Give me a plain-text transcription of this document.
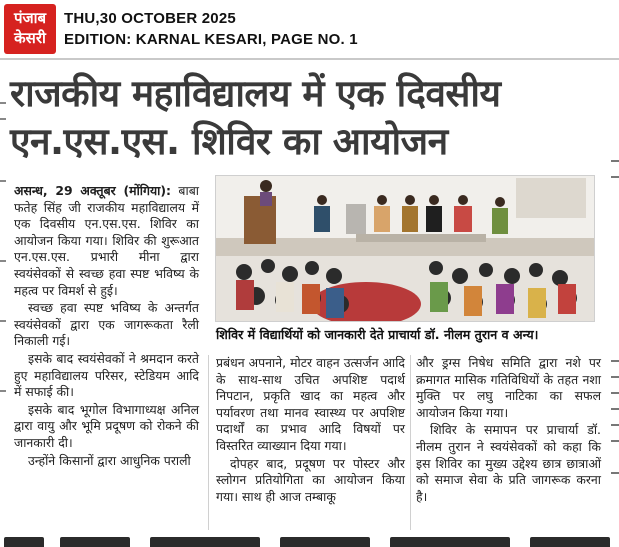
पंजाब
केसरी
THU,30 OCTOBER 2025
EDITION: KARNAL KESARI, PAGE NO. 1
राजकीय महाविद्यालय में एक दिवसीय
एन.एस.एस. शिविर का आयोजन

असन्ध, 29 अक्तूबर (मोंगिया): बाबा फतेह सिंह जी राजकीय महाविद्यालय में एक दिवसीय एन.एस.एस. शिविर का आयोजन किया गया। शिविर की शुरूआत एन.एस.एस. प्रभारी मीना द्वारा स्वयंसेवकों से स्वच्छ हवा स्पष्ट भविष्य के महत्व पर विमर्श से हुई।

स्वच्छ हवा स्पष्ट भविष्य के अन्तर्गत स्वयंसेवकों द्वारा एक जागरूकता रैली निकाली गई।

इसके बाद स्वयंसेवकों ने श्रमदान करते हुए महाविद्यालय परिसर, स्टेडियम आदि में सफाई की।

इसके बाद भूगोल विभागाध्यक्ष अनिल द्वारा वायु और भूमि प्रदूषण को रोकने की जानकारी दी।

उन्होंने किसानों द्वारा आधुनिक पराली

शिविर में विद्यार्थियों को जानकारी देते प्राचार्या डॉ. नीलम तुरान व अन्य।

प्रबंधन अपनाने, मोटर वाहन उत्सर्जन आदि के साथ-साथ उचित अपशिष्ट पदार्थ निपटान, प्रकृति खाद का महत्व और पर्यावरण तथा मानव स्वास्थ्य पर अपशिष्ट पदार्थों का प्रभाव आदि विषयों पर विस्तरित व्याख्यान दिया गया।

दोपहर बाद, प्रदूषण पर पोस्टर और स्लोगन प्रतियोगिता का आयोजन किया गया। साथ ही आज तम्बाकू

और ड्रग्स निषेध समिति द्वारा नशे पर क्रमागत मासिक गतिविधियों के तहत नशा मुक्ति पर लघु नाटिका का सफल आयोजन किया गया।

शिविर के समापन पर प्राचार्या डॉ. नीलम तुरान ने स्वयंसेवकों को कहा कि इस शिविर का मुख्य उद्देश्य छात्र छात्राओं को समाज सेवा के प्रति जागरूक करना है।
